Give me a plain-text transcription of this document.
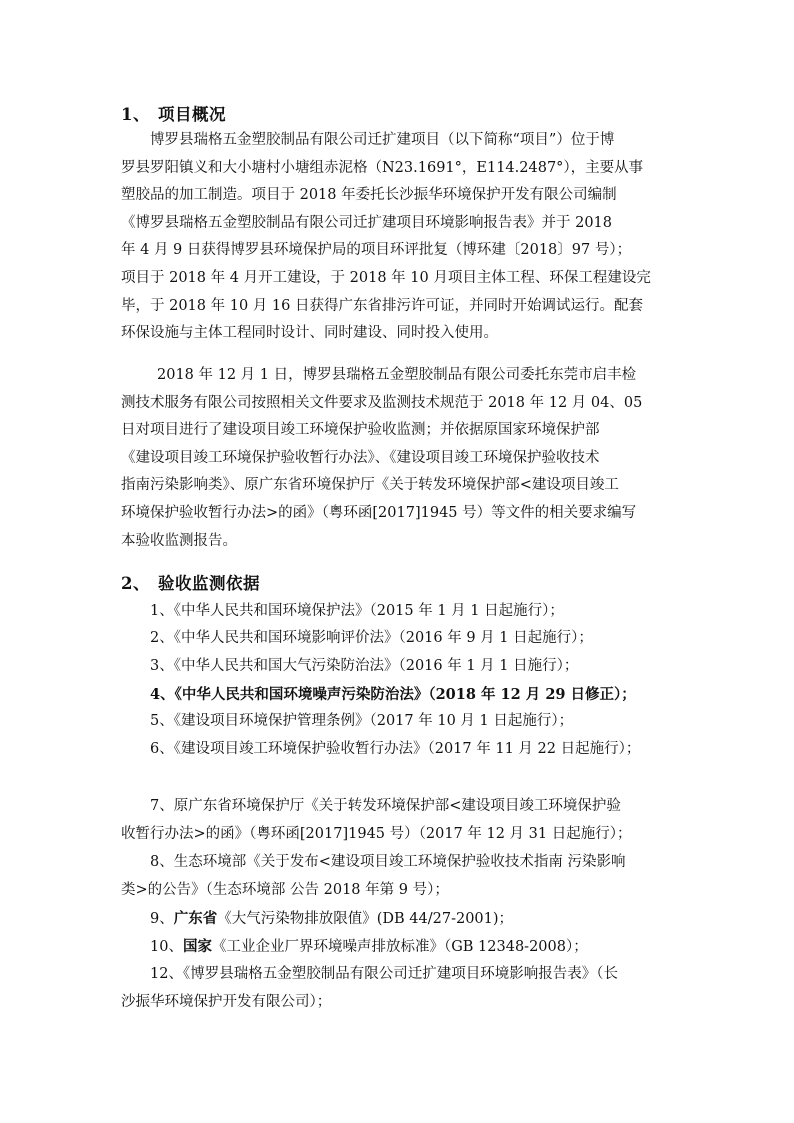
1、 项目概况
博罗县瑞格五金塑胶制品有限公司迁扩建项目（以下简称“项目”）位于博
罗县罗阳镇义和大小塘村小塘组赤泥格（N23.1691°，E114.2487°），主要从事
塑胶品的加工制造。项目于 2018 年委托长沙振华环境保护开发有限公司编制
《博罗县瑞格五金塑胶制品有限公司迁扩建项目环境影响报告表》并于 2018
年 4 月 9 日获得博罗县环境保护局的项目环评批复（博环建〔2018〕97 号）；
项目于 2018 年 4 月开工建设，于 2018 年 10 月项目主体工程、环保工程建设完
毕，于 2018 年 10 月 16 日获得广东省排污许可证，并同时开始调试运行。配套
环保设施与主体工程同时设计、同时建设、同时投入使用。
2018 年 12 月 1 日，博罗县瑞格五金塑胶制品有限公司委托东莞市启丰检
测技术服务有限公司按照相关文件要求及监测技术规范于 2018 年 12 月 04、05
日对项目进行了建设项目竣工环境保护验收监测；并依据原国家环境保护部
《建设项目竣工环境保护验收暂行办法》、《建设项目竣工环境保护验收技术
指南污染影响类》、原广东省环境保护厅《关于转发环境保护部<建设项目竣工
环境保护验收暂行办法>的函》（粤环函[2017]1945 号）等文件的相关要求编写
本验收监测报告。
2、 验收监测依据
1、《中华人民共和国环境保护法》（2015 年 1 月 1 日起施行）；
2、《中华人民共和国环境影响评价法》（2016 年 9 月 1 日起施行）；
3、《中华人民共和国大气污染防治法》（2016 年 1 月 1 日施行）；
4、《中华人民共和国环境噪声污染防治法》（2018 年 12 月 29 日修正）；
5、《建设项目环境保护管理条例》（2017 年 10 月 1 日起施行）；
6、《建设项目竣工环境保护验收暂行办法》（2017 年 11 月 22 日起施行）；
7、原广东省环境保护厅《关于转发环境保护部<建设项目竣工环境保护验
收暂行办法>的函》（粤环函[2017]1945 号）（2017 年 12 月 31 日起施行）；
8、生态环境部《关于发布<建设项目竣工环境保护验收技术指南 污染影响
类>的公告》（生态环境部 公告 2018 年第 9 号）；
9、广东省《大气污染物排放限值》(DB 44/27-2001)；
10、国家《工业企业厂界环境噪声排放标准》（GB 12348-2008）；
12、《博罗县瑞格五金塑胶制品有限公司迁扩建项目环境影响报告表》（长
沙振华环境保护开发有限公司）；
